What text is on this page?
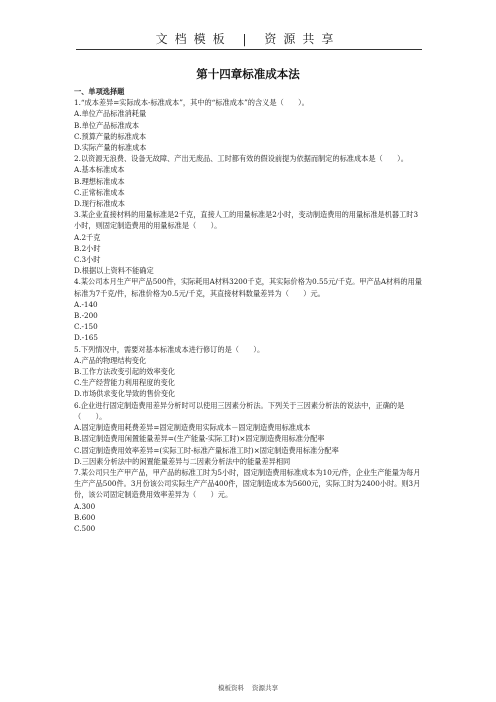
文档模板 | 资源共享
第十四章标准成本法

一、单项选择题

1.“成本差异=实际成本-标准成本”，其中的“标准成本”的含义是（　　）。

A.单位产品标准消耗量

B.单位产品标准成本

C.预算产量的标准成本

D.实际产量的标准成本

2.以资源无浪费、设备无故障、产出无废品、工时都有效的假设前提为依据而制定的标准成本是（　　）。

A.基本标准成本

B.理想标准成本

C.正常标准成本

D.现行标准成本

3.某企业直接材料的用量标准是2千克，直接人工的用量标准是2小时，变动制造费用的用量标准是机器工时3小时，则固定制造费用的用量标准是（　　）。

A.2千克

B.2小时

C.3小时

D.根据以上资料不能确定

4.某公司本月生产甲产品500件，实际耗用A材料3200千克，其实际价格为0.55元/千克。甲产品A材料的用量标准为7千克/件，标准价格为0.5元/千克，其直接材料数量差异为（　　）元。

A.-140

B.-200

C.-150

D.-165

5.下列情况中，需要对基本标准成本进行修订的是（　　）。

A.产品的物理结构变化

B.工作方法改变引起的效率变化

C.生产经营能力利用程度的变化

D.市场供求变化导致的售价变化

6.企业进行固定制造费用差异分析时可以使用三因素分析法。下列关于三因素分析法的说法中，正确的是（　　）。

A.固定制造费用耗费差异=固定制造费用实际成本－固定制造费用标准成本

B.固定制造费用闲置能量差异=(生产能量-实际工时)×固定制造费用标准分配率

C.固定制造费用效率差异=(实际工时-标准产量标准工时)×固定制造费用标准分配率

D.三因素分析法中的闲置能量差异与二因素分析法中的能量差异相同

7.某公司只生产甲产品，甲产品的标准工时为5小时，固定制造费用标准成本为10元/件，企业生产能量为每月生产产品500件。3月份该公司实际生产产品400件，固定制造成本为5600元，实际工时为2400小时。则3月份，该公司固定制造费用效率差异为（　　）元。

A.300

B.600

C.500

模板资料 资源共享
